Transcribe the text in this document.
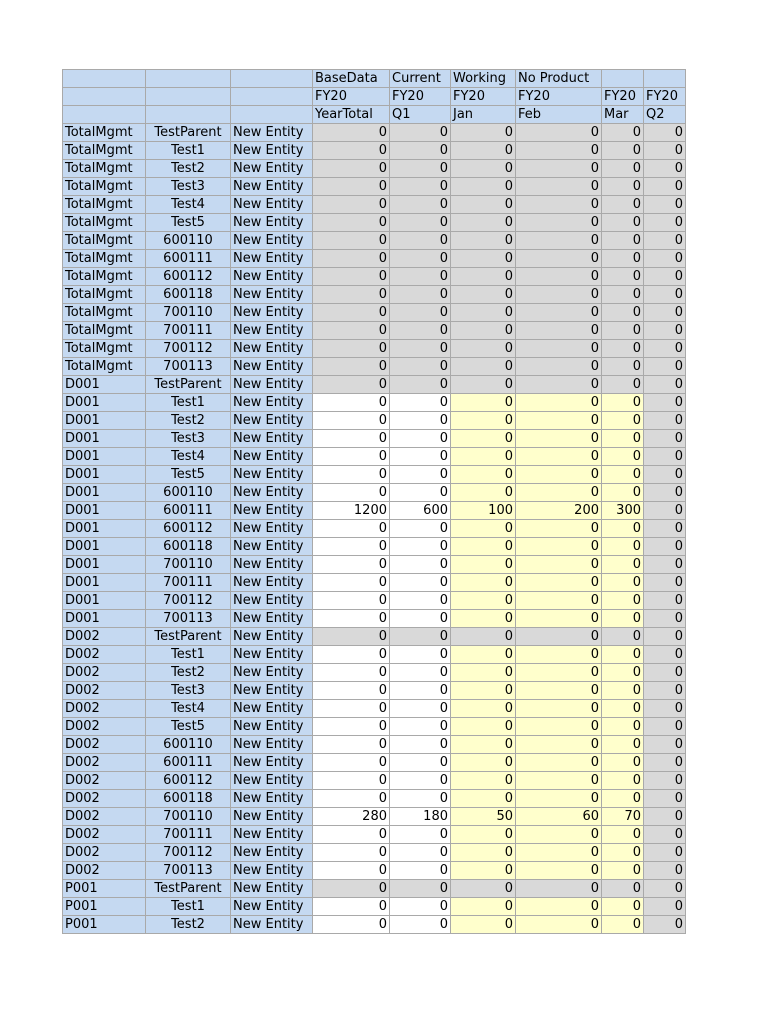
			BaseData	Current	Working	No Product		
			FY20	FY20	FY20	FY20	FY20	FY20
			YearTotal	Q1	Jan	Feb	Mar	Q2
TotalMgmt	TestParent	New Entity	0	0	0	0	0	0
TotalMgmt	Test1	New Entity	0	0	0	0	0	0
TotalMgmt	Test2	New Entity	0	0	0	0	0	0
TotalMgmt	Test3	New Entity	0	0	0	0	0	0
TotalMgmt	Test4	New Entity	0	0	0	0	0	0
TotalMgmt	Test5	New Entity	0	0	0	0	0	0
TotalMgmt	600110	New Entity	0	0	0	0	0	0
TotalMgmt	600111	New Entity	0	0	0	0	0	0
TotalMgmt	600112	New Entity	0	0	0	0	0	0
TotalMgmt	600118	New Entity	0	0	0	0	0	0
TotalMgmt	700110	New Entity	0	0	0	0	0	0
TotalMgmt	700111	New Entity	0	0	0	0	0	0
TotalMgmt	700112	New Entity	0	0	0	0	0	0
TotalMgmt	700113	New Entity	0	0	0	0	0	0
D001	TestParent	New Entity	0	0	0	0	0	0
D001	Test1	New Entity	0	0	0	0	0	0
D001	Test2	New Entity	0	0	0	0	0	0
D001	Test3	New Entity	0	0	0	0	0	0
D001	Test4	New Entity	0	0	0	0	0	0
D001	Test5	New Entity	0	0	0	0	0	0
D001	600110	New Entity	0	0	0	0	0	0
D001	600111	New Entity	1200	600	100	200	300	0
D001	600112	New Entity	0	0	0	0	0	0
D001	600118	New Entity	0	0	0	0	0	0
D001	700110	New Entity	0	0	0	0	0	0
D001	700111	New Entity	0	0	0	0	0	0
D001	700112	New Entity	0	0	0	0	0	0
D001	700113	New Entity	0	0	0	0	0	0
D002	TestParent	New Entity	0	0	0	0	0	0
D002	Test1	New Entity	0	0	0	0	0	0
D002	Test2	New Entity	0	0	0	0	0	0
D002	Test3	New Entity	0	0	0	0	0	0
D002	Test4	New Entity	0	0	0	0	0	0
D002	Test5	New Entity	0	0	0	0	0	0
D002	600110	New Entity	0	0	0	0	0	0
D002	600111	New Entity	0	0	0	0	0	0
D002	600112	New Entity	0	0	0	0	0	0
D002	600118	New Entity	0	0	0	0	0	0
D002	700110	New Entity	280	180	50	60	70	0
D002	700111	New Entity	0	0	0	0	0	0
D002	700112	New Entity	0	0	0	0	0	0
D002	700113	New Entity	0	0	0	0	0	0
P001	TestParent	New Entity	0	0	0	0	0	0
P001	Test1	New Entity	0	0	0	0	0	0
P001	Test2	New Entity	0	0	0	0	0	0
